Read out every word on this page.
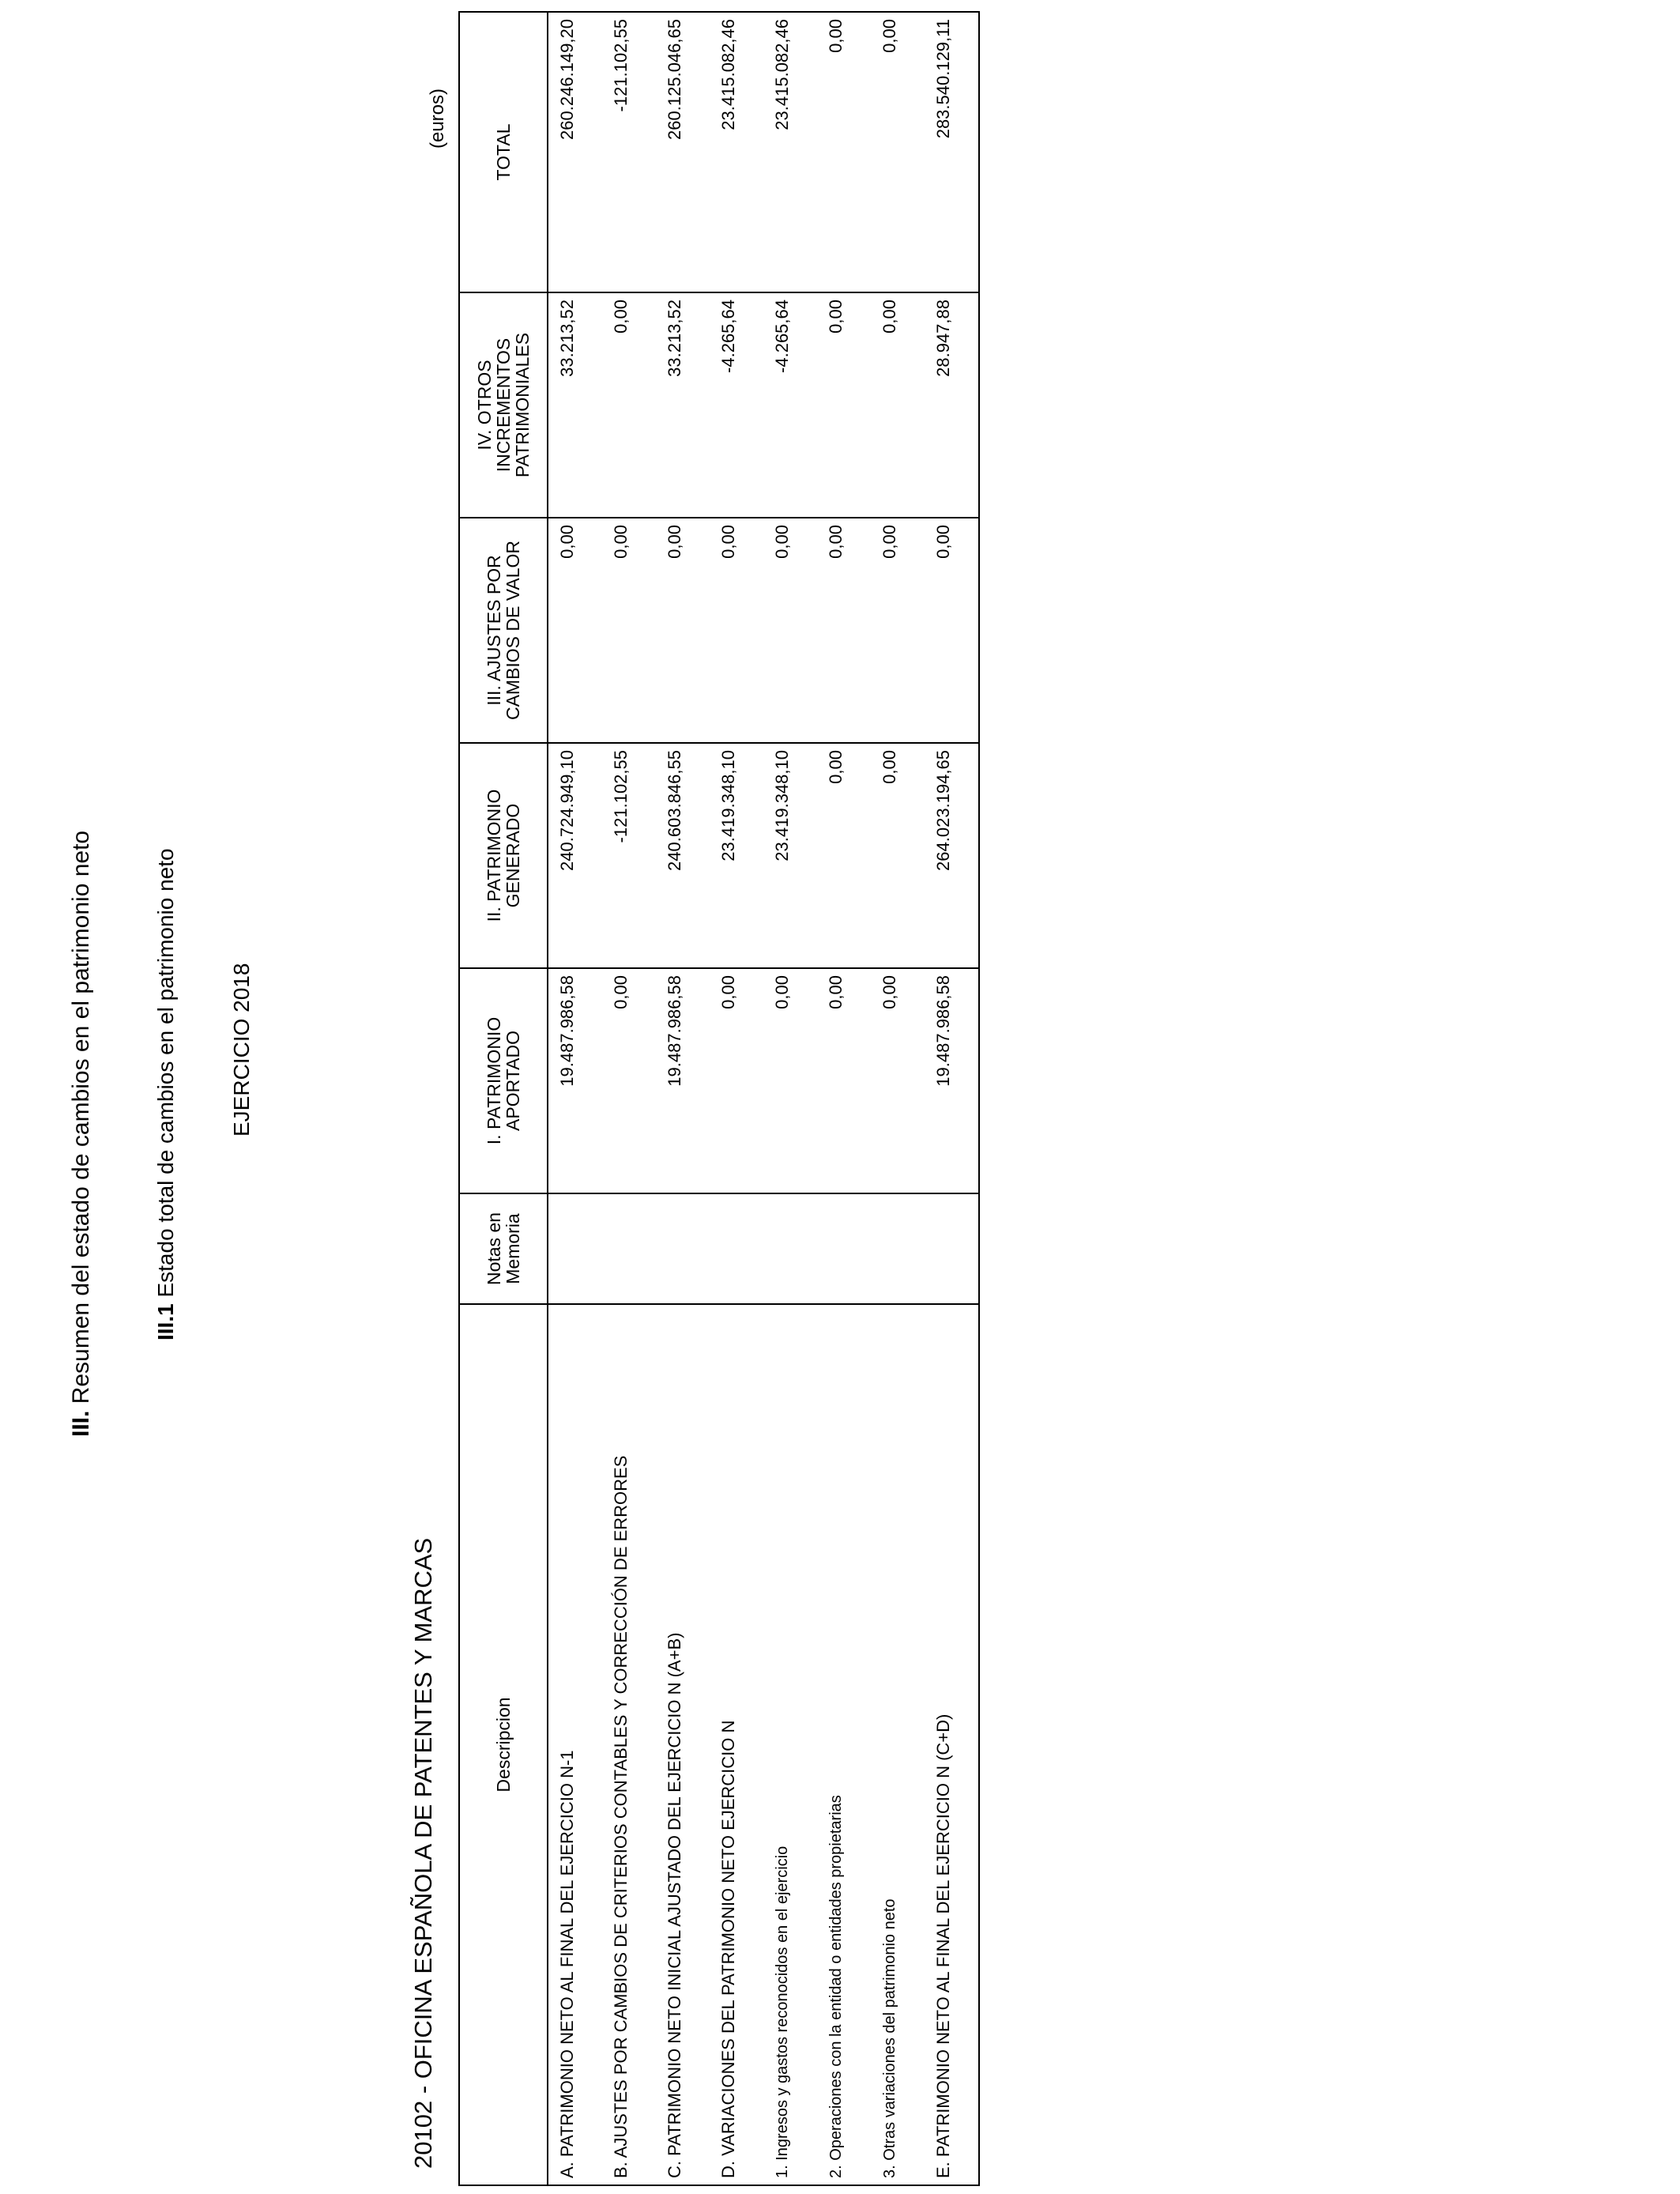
III. Resumen del estado de cambios en el patrimonio neto	III.1 Estado total de cambios en el patrimonio neto EJERCICIO 2018
20102 - OFICINA ESPAÑOLA DE PATENTES Y MARCAS
(euros)
Descripcion	Notas en Memoria	I. PATRIMONIO APORTADO	II. PATRIMONIO GENERADO	III. AJUSTES POR CAMBIOS DE VALOR	IV. OTROS INCREMENTOS PATRIMONIALES	TOTAL
A. PATRIMONIO NETO AL FINAL DEL EJERCICIO N-1		19.487.986,58	240.724.949,10	0,00	33.213,52	260.246.149,20
B. AJUSTES POR CAMBIOS DE CRITERIOS CONTABLES Y CORRECCIÓN DE ERRORES		0,00	-121.102,55	0,00	0,00	-121.102,55
C. PATRIMONIO NETO INICIAL AJUSTADO DEL EJERCICIO N (A+B)		19.487.986,58	240.603.846,55	0,00	33.213,52	260.125.046,65
D. VARIACIONES DEL PATRIMONIO NETO EJERCICIO N		0,00	23.419.348,10	0,00	-4.265,64	23.415.082,46
1. Ingresos y gastos reconocidos en el ejercicio		0,00	23.419.348,10	0,00	-4.265,64	23.415.082,46
2. Operaciones con la entidad o entidades propietarias		0,00	0,00	0,00	0,00	0,00
3. Otras variaciones del patrimonio neto		0,00	0,00	0,00	0,00	0,00
E. PATRIMONIO NETO AL FINAL DEL EJERCICIO N (C+D)		19.487.986,58	264.023.194,65	0,00	28.947,88	283.540.129,11
